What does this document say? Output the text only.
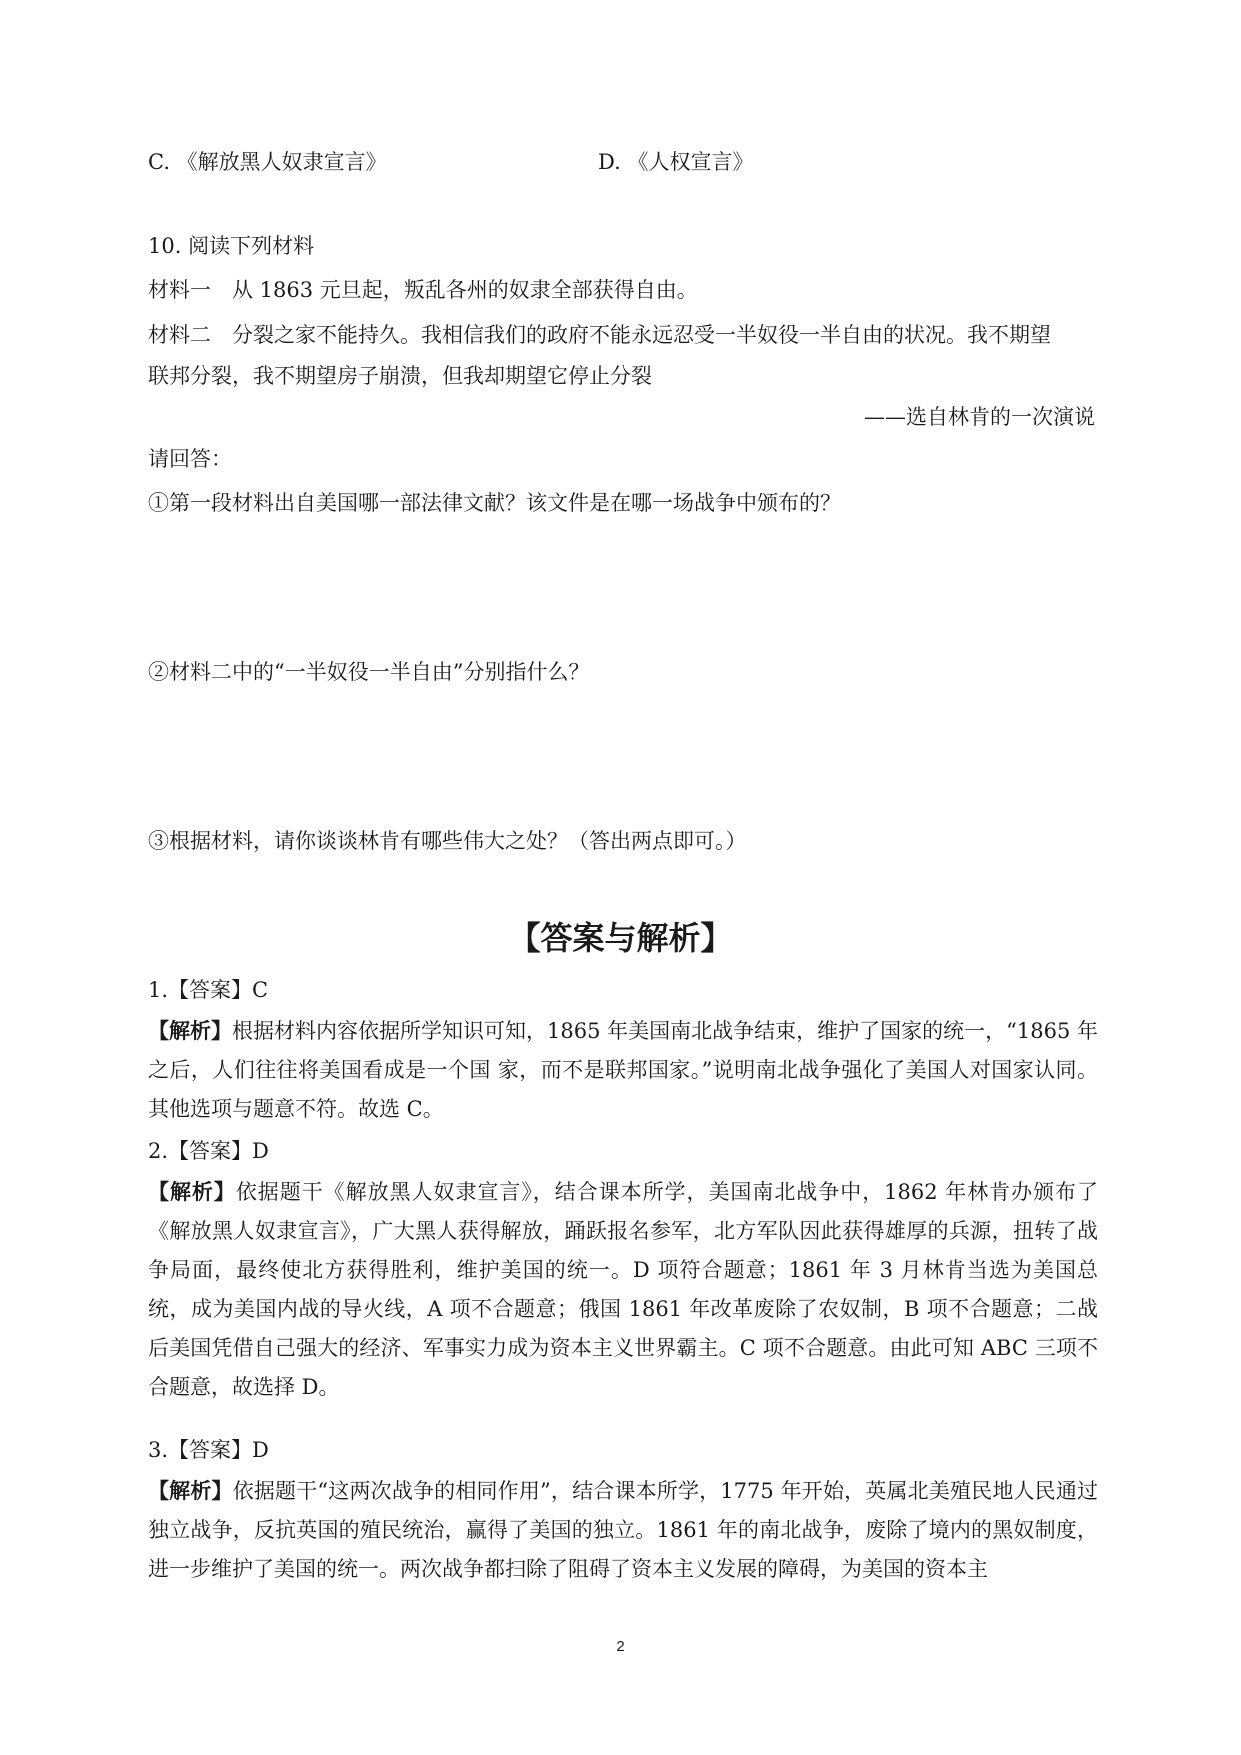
C. 《解放黑人奴隶宣言》	D. 《人权宣言》
10. 阅读下列材料
材料一　从 1863 元旦起，叛乱各州的奴隶全部获得自由。
材料二　分裂之家不能持久。我相信我们的政府不能永远忍受一半奴役一半自由的状况。我不期望
联邦分裂，我不期望房子崩溃，但我却期望它停止分裂
——选自林肯的一次演说
请回答：
①第一段材料出自美国哪一部法律文献？该文件是在哪一场战争中颁布的？
②材料二中的“一半奴役一半自由”分别指什么？
③根据材料，请你谈谈林肯有哪些伟大之处？（答出两点即可。）
【答案与解析】
1.【答案】C
【解析】根据材料内容依据所学知识可知，1865 年美国南北战争结束，维护了国家的统一，“1865 年之后，人们往往将美国看成是一个国 家，而不是联邦国家。”说明南北战争强化了美国人对国家认同。其他选项与题意不符。故选 C。
2.【答案】D
【解析】依据题干《解放黑人奴隶宣言》，结合课本所学，美国南北战争中，1862 年林肯办颁布了《解放黑人奴隶宣言》，广大黑人获得解放，踊跃报名参军，北方军队因此获得雄厚的兵源，扭转了战争局面，最终使北方获得胜利，维护美国的统一。D 项符合题意；1861 年 3 月林肯当选为美国总统，成为美国内战的导火线，A 项不合题意；俄国 1861 年改革废除了农奴制，B 项不合题意；二战后美国凭借自己强大的经济、军事实力成为资本主义世界霸主。C 项不合题意。由此可知 ABC 三项不合题意，故选择 D。
3.【答案】D
【解析】依据题干“这两次战争的相同作用”，结合课本所学，1775 年开始，英属北美殖民地人民通过独立战争，反抗英国的殖民统治，赢得了美国的独立。1861 年的南北战争，废除了境内的黑奴制度，进一步维护了美国的统一。两次战争都扫除了阻碍了资本主义发展的障碍，为美国的资本主
2
